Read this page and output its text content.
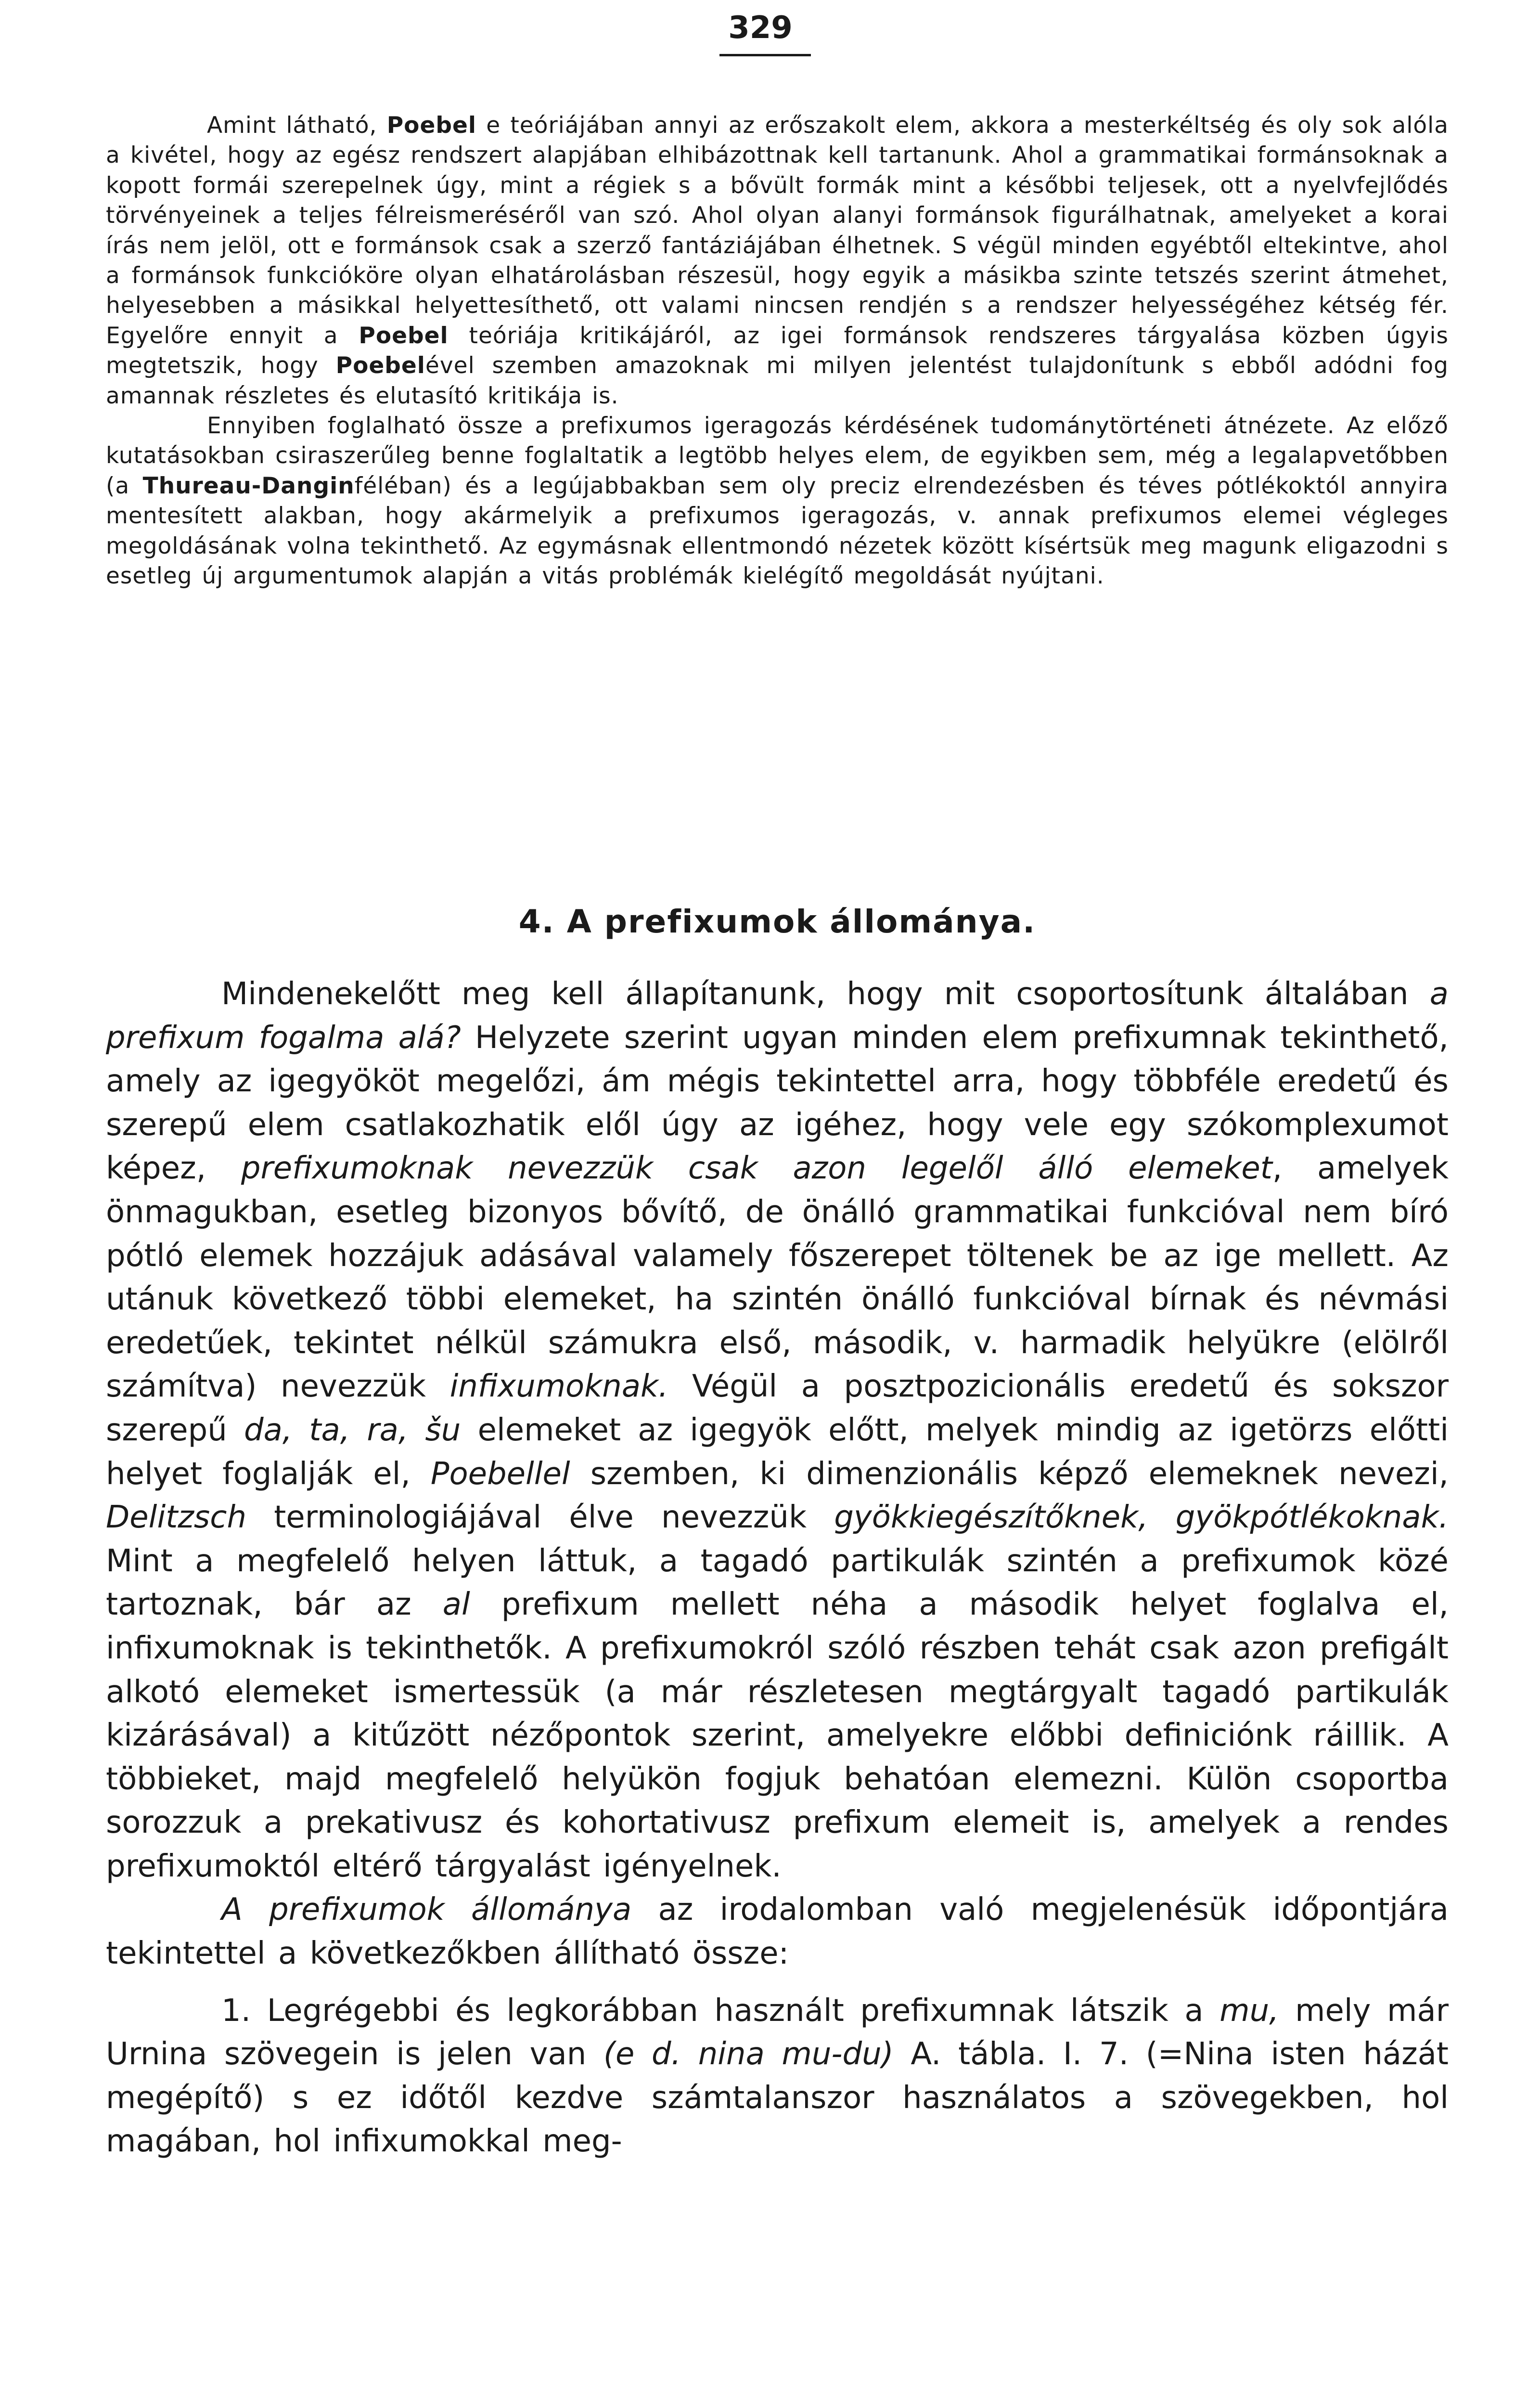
329

Amint látható, Poebel e teóriájában annyi az erőszakolt elem, akkora a mesterkéltség és oly sok alóla a kivétel, hogy az egész rendszert alapjában elhibázottnak kell tartanunk. Ahol a grammatikai formánsoknak a kopott formái szerepelnek úgy, mint a régiek s a bővült formák mint a későbbi teljesek, ott a nyelvfejlődés törvényeinek a teljes félreismeréséről van szó. Ahol olyan alanyi formánsok figurálhatnak, amelyeket a korai írás nem jelöl, ott e formánsok csak a szerző fantáziájában élhetnek. S végül minden egyébtől eltekintve, ahol a formánsok funkcióköre olyan elhatárolásban részesül, hogy egyik a másikba szinte tetszés szerint átmehet, helyesebben a másikkal helyettesíthető, ott valami nincsen rendjén s a rendszer helyességéhez kétség fér. Egyelőre ennyit a Poebel teóriája kritikájáról, az igei formánsok rendszeres tárgyalása közben úgyis megtetszik, hogy Poebelével szemben amazoknak mi milyen jelentést tulajdonítunk s ebből adódni fog amannak részletes és elutasító kritikája is.

Ennyiben foglalható össze a prefixumos igeragozás kérdésének tudománytörténeti átnézete. Az előző kutatásokban csiraszerűleg benne foglaltatik a legtöbb helyes elem, de egyikben sem, még a legalapvetőbben (a Thureau-Danginféléban) és a legújabbakban sem oly preciz elrendezésben és téves pótlékoktól annyira mentesített alakban, hogy akármelyik a prefixumos igeragozás, v. annak prefixumos elemei végleges megoldásának volna tekinthető. Az egymásnak ellentmondó nézetek között kísértsük meg magunk eligazodni s esetleg új argumentumok alapján a vitás problémák kielégítő megoldását nyújtani.

4. A prefixumok állománya.

Mindenekelőtt meg kell állapítanunk, hogy mit csoportosítunk általában a prefixum fogalma alá? Helyzete szerint ugyan minden elem prefixumnak tekinthető, amely az igegyököt megelőzi, ám mégis tekintettel arra, hogy többféle eredetű és szerepű elem csatlakozhatik elől úgy az igéhez, hogy vele egy szókomplexumot képez, prefixumoknak nevezzük csak azon legelől álló elemeket, amelyek önmagukban, esetleg bizonyos bővítő, de önálló grammatikai funkcióval nem bíró pótló elemek hozzájuk adásával valamely főszerepet töltenek be az ige mellett. Az utánuk következő többi elemeket, ha szintén önálló funkcióval bírnak és névmási eredetűek, tekintet nélkül számukra első, második, v. harmadik helyükre (elölről számítva) nevezzük infixumoknak. Végül a posztpozicionális eredetű és sokszor szerepű da, ta, ra, šu elemeket az igegyök előtt, melyek mindig az igetörzs előtti helyet foglalják el, Poebellel szemben, ki dimenzionális képző elemeknek nevezi, Delitzsch terminologiájával élve nevezzük gyökkiegészítőknek, gyökpótlékoknak. Mint a megfelelő helyen láttuk, a tagadó partikulák szintén a prefixumok közé tartoznak, bár az al prefixum mellett néha a második helyet foglalva el, infixumoknak is tekinthetők. A prefixumokról szóló részben tehát csak azon prefigált alkotó elemeket ismertessük (a már részletesen megtárgyalt tagadó partikulák kizárásával) a kitűzött nézőpontok szerint, amelyekre előbbi definiciónk ráillik. A többieket, majd megfelelő helyükön fogjuk behatóan elemezni. Külön csoportba sorozzuk a prekativusz és kohortativusz prefixum elemeit is, amelyek a rendes prefixumoktól eltérő tárgyalást igényelnek.

A prefixumok állománya az irodalomban való megjelenésük időpontjára tekintettel a következőkben állítható össze:

1. Legrégebbi és legkorábban használt prefixumnak látszik a mu, mely már Urnina szövegein is jelen van (e d. nina mu-du) A. tábla. I. 7. (=Nina isten házát megépítő) s ez időtől kezdve számtalanszor használatos a szövegekben, hol magában, hol infixumokkal meg-
